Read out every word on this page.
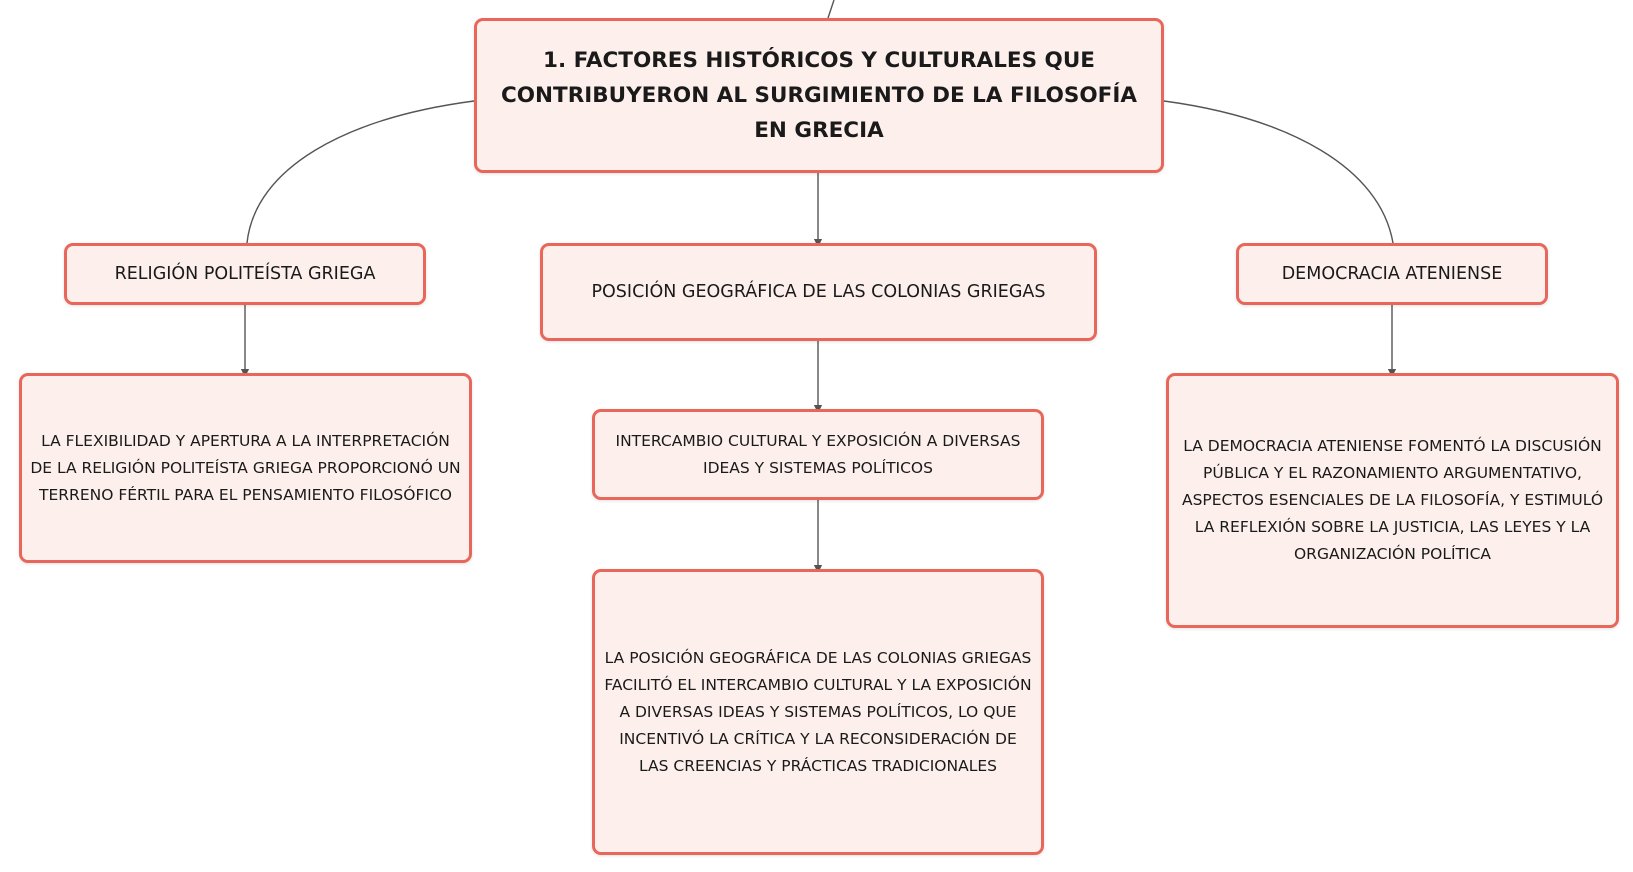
1. FACTORES HISTÓRICOS Y CULTURALES QUE CONTRIBUYERON AL SURGIMIENTO DE LA FILOSOFÍA EN GRECIA
RELIGIÓN POLITEÍSTA GRIEGA
LA FLEXIBILIDAD Y APERTURA A LA INTERPRETACIÓN DE LA RELIGIÓN POLITEÍSTA GRIEGA PROPORCIONÓ UN TERRENO FÉRTIL PARA EL PENSAMIENTO FILOSÓFICO
POSICIÓN GEOGRÁFICA DE LAS COLONIAS GRIEGAS
INTERCAMBIO CULTURAL Y EXPOSICIÓN A DIVERSAS IDEAS Y SISTEMAS POLÍTICOS
LA POSICIÓN GEOGRÁFICA DE LAS COLONIAS GRIEGAS FACILITÓ EL INTERCAMBIO CULTURAL Y LA EXPOSICIÓN A DIVERSAS IDEAS Y SISTEMAS POLÍTICOS, LO QUE INCENTIVÓ LA CRÍTICA Y LA RECONSIDERACIÓN DE LAS CREENCIAS Y PRÁCTICAS TRADICIONALES
DEMOCRACIA ATENIENSE
LA DEMOCRACIA ATENIENSE FOMENTÓ LA DISCUSIÓN PÚBLICA Y EL RAZONAMIENTO ARGUMENTATIVO, ASPECTOS ESENCIALES DE LA FILOSOFÍA, Y ESTIMULÓ LA REFLEXIÓN SOBRE LA JUSTICIA, LAS LEYES Y LA ORGANIZACIÓN POLÍTICA
